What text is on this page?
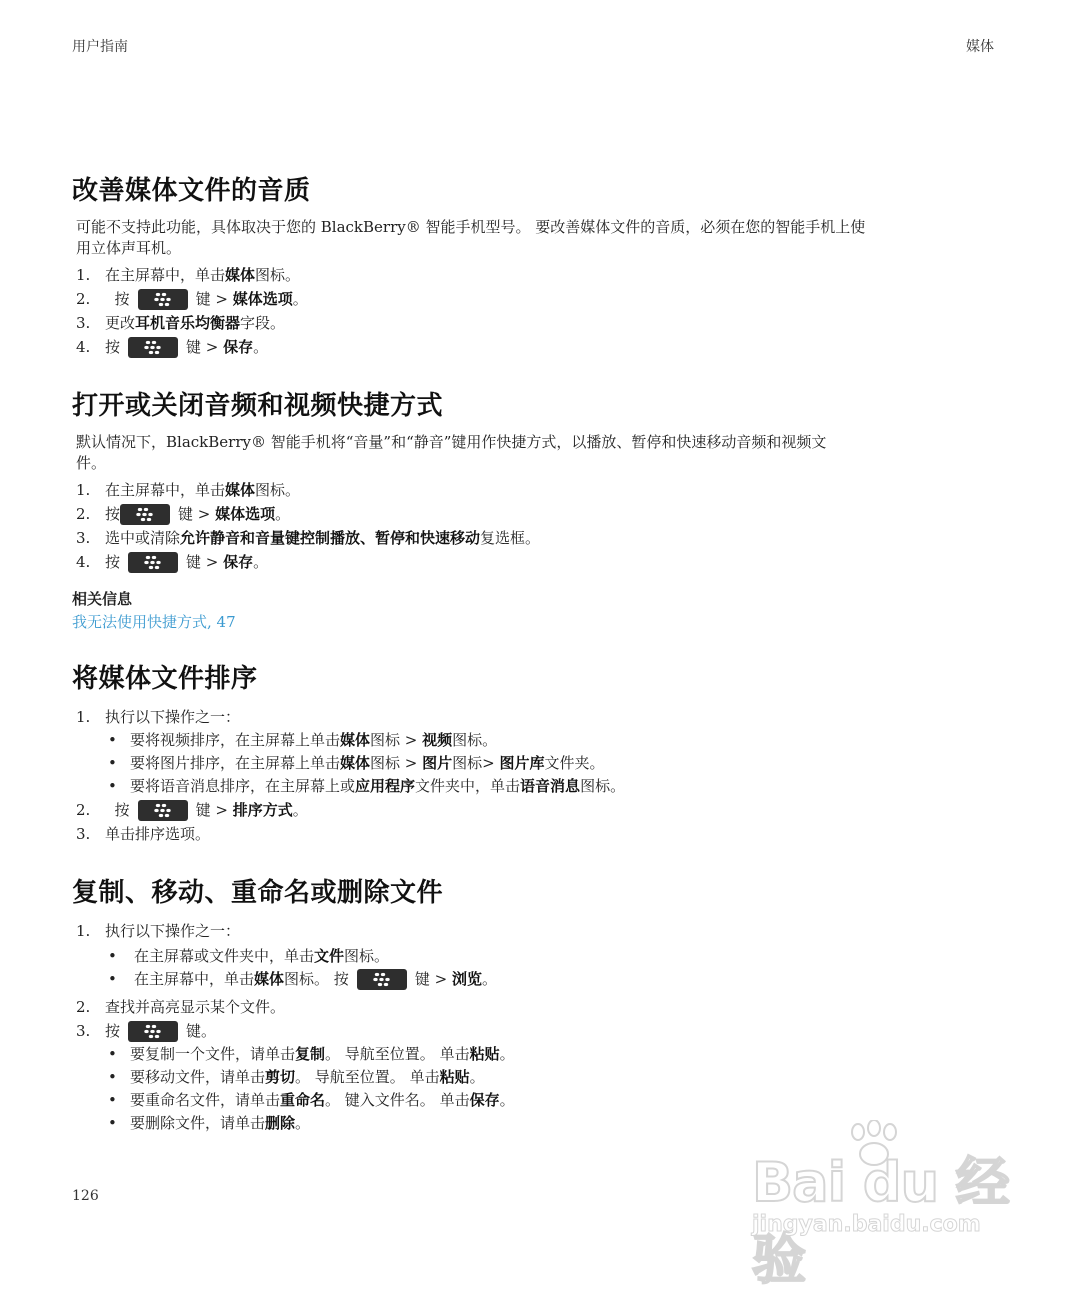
用户指南	媒体
改善媒体文件的音质
可能不支持此功能，具体取决于您的 BlackBerry® 智能手机型号。 要改善媒体文件的音质，必须在您的智能手机上使
用立体声耳机。
1. 在主屏幕中，单击媒体图标。
2. 按	键 > 媒体选项。
3. 更改耳机音乐均衡器字段。
4. 按	键 > 保存。
打开或关闭音频和视频快捷方式
默认情况下，BlackBerry® 智能手机将“音量”和“静音”键用作快捷方式，以播放、暂停和快速移动音频和视频文
件。
1. 在主屏幕中，单击媒体图标。
2. 按	键 > 媒体选项。
3. 选中或清除允许静音和音量键控制播放、暂停和快速移动复选框。
4. 按	键 > 保存。
相关信息
我无法使用快捷方式, 47
将媒体文件排序
1. 执行以下操作之一：
• 要将视频排序，在主屏幕上单击媒体图标 > 视频图标。
• 要将图片排序，在主屏幕上单击媒体图标 > 图片图标> 图片库文件夹。
• 要将语音消息排序，在主屏幕上或应用程序文件夹中，单击语音消息图标。
2. 按	键 > 排序方式。
3. 单击排序选项。
复制、移动、重命名或删除文件
1. 执行以下操作之一：
• 在主屏幕或文件夹中，单击文件图标。
• 在主屏幕中，单击媒体图标。 按	键 > 浏览。
2. 查找并高亮显示某个文件。
3. 按	键。
• 要复制一个文件，请单击复制。 导航至位置。 单击粘贴。
• 要移动文件，请单击剪切。 导航至位置。 单击粘贴。
• 要重命名文件，请单击重命名。 键入文件名。 单击保存。
• 要删除文件，请单击删除。
126	Bai du 经验
jingyan.baidu.com
